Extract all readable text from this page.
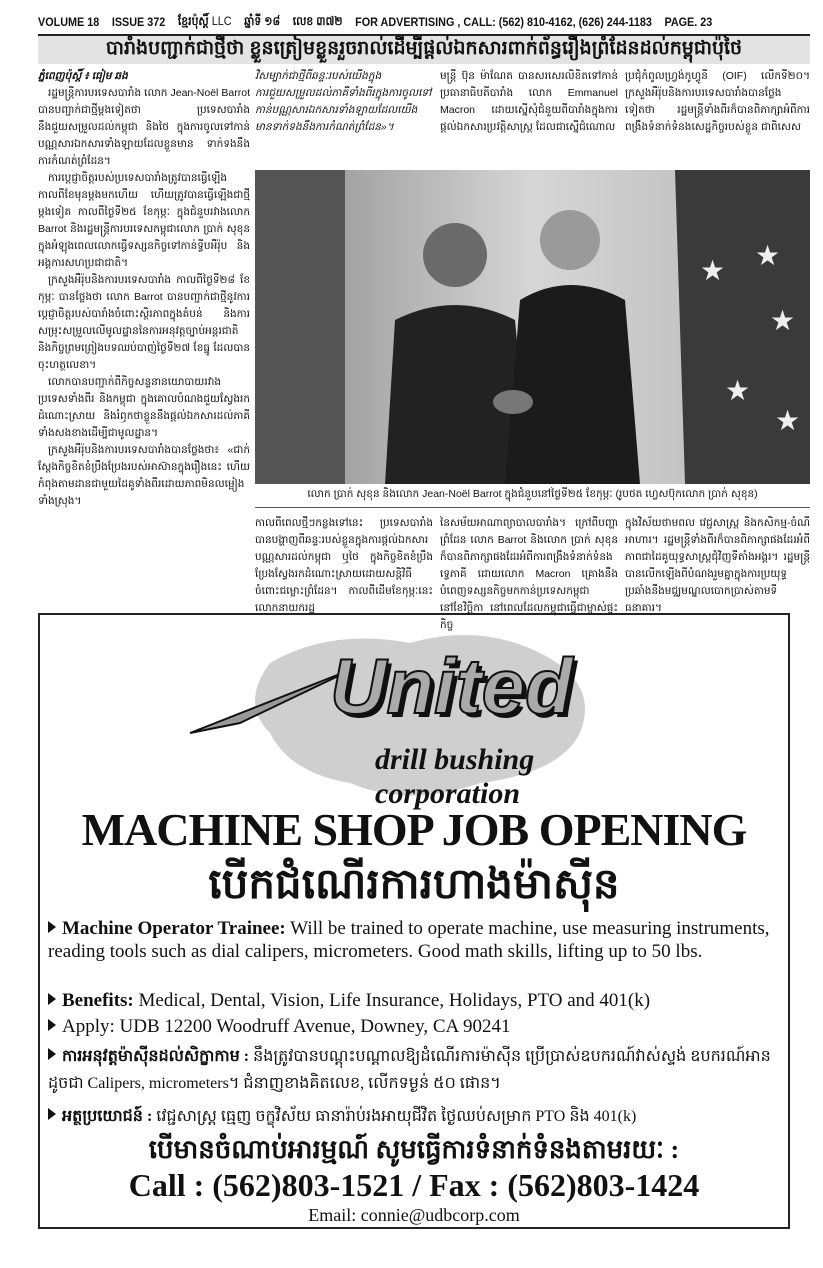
VOLUME 18 ISSUE 372 ខ្មែរប៉ុស្ដិ៍ LLC ឆ្នាំទី ១៨ លេខ ៣៧២ FOR ADVERTISING , CALL: (562) 810-4162, (626) 244-1183 PAGE. 23
បារាំងបញ្ជាក់ជាថ្មីថា ខ្លួនត្រៀមខ្លួនរួចរាល់ដើម្បីផ្ដល់ឯកសារពាក់ព័ន្ធរឿងព្រំដែនដល់កម្ពុជាប៉ុថៃ
ភ្នំពេញប៉ុស្ដិ៍ ៖ ធៀម ឆង

រដ្ឋមន្ត្រីការបរទេសបារាំង លោក Jean-Noël Barrot បានបញ្ជាក់ជាថ្មីម្តងទៀតថា ប្រទេសបារាំងនឹងជួយសម្រួលដល់កម្ពុជា និងថៃ ក្នុងការចូលទៅកាន់បណ្ណសារឯកសារទាំងឡាយដែលខ្លួនមាន ទាក់ទងនឹងការកំណត់ព្រំដែន។

ការប្ដេជ្ញាចិត្តរបស់ប្រទេសបារាំងត្រូវបានធ្វើឡើងកាលពីខែមុនម្តងមកហើយ ហើយត្រូវបានធ្វើឡើងជាថ្មីម្តងទៀត កាលពីថ្ងៃទី២៥ ខែកុម្ភៈ ក្នុងជំនួបរវាងលោក Barrot និងរដ្ឋមន្ត្រីការបរទេសកម្ពុជាលោក ប្រាក់ សុខុន ក្នុងអំឡុងពេលលោកធ្វើទស្សនកិច្ចទៅកាន់ទ្វីបអឺរ៉ុប និងអង្គការសហប្រជាជាតិ។

ក្រសួងអឺរ៉ុបនិងការបរទេសបារាំង កាលពីថ្ងៃទី២៨ ខែកុម្ភៈ បានថ្លែងថា លោក Barrot បានបញ្ជាក់ជាថ្មីនូវការប្ដេជ្ញាចិត្តរបស់បារាំងចំពោះស្ថិរភាពក្នុងតំបន់ និងការសម្រុះសម្រួលលើមូលដ្ឋាននៃការអនុវត្តច្បាប់អន្តរជាតិ និងកិច្ចព្រមព្រៀងបទឈប់បាញ់ថ្ងៃទី២៧ ខែធ្នូ ដែលបានចុះហត្ថលេខា។

លោកបានបញ្ជាក់ពីកិច្ចសន្ទនានយោបាយរវាងប្រទេសទាំងពីរ និងកម្ពុជា ក្នុងគោលបំណងជួយស្វែងរកដំណោះស្រាយ និងរំឭកថាខ្លួននឹងផ្តល់ឯកសារដល់ភាគីទាំងសងខាងដើម្បីជាមូលដ្ឋាន។

ក្រសួងអឺរ៉ុបនិងការបរទេសបារាំងបានថ្លែងថា៖ «ជាក់ស្ដែងកិច្ចខិតខំប្រឹងប្រែងរបស់អាស៊ានក្នុងរឿងនេះ ហើយកំពុងតាមដានជាមួយដៃគូទាំងពីរដោយភាពមិនលម្អៀងទាំងស្រុង។

វិសម្បាក់ជាថ្មីពីឆន្ទៈរបស់យើងក្នុងការជួយសម្រួលដល់ភាគីទាំងពីរក្នុងការចូលទៅកាន់បណ្ណសារឯកសារទាំងឡាយដែលយើងមានទាក់ទងនឹងការកំណត់ព្រំដែន»។
មន្ត្រី ប៊ុន ម៉ាណែត បានសរសេរលិខិតទៅកាន់ប្រធានាធិបតីបារាំង លោក Emmanuel Macron ដោយស្នើសុំជំនួយពីបារាំងក្នុងការផ្ដល់ឯកសារប្រវត្តិសាស្ត្រ ដែលជាស្នើជំណោល
ប្រជុំកំពូលហ្វ្រង់កូហ្វូនី (OIF) លើកទី២០។ ក្រសួងអឺរ៉ុបនិងការបរទេសបារាំងបានថ្លែងទៀតថា រដ្ឋមន្ត្រីទាំងពីរក៏បានពិភាក្សាអំពីការពង្រឹងទំនាក់ទំនងសេដ្ឋកិច្ចរបស់ខ្លួន ជាពិសេស
★ ★
★
★
★
លោក ប្រាក់ សុខុន និងលោក Jean-Noël Barrot ក្នុងជំនួបនៅថ្ងៃទី២៥ ខែកុម្ភៈ (រូបថត ហ្វេសប៊ុកលោក ប្រាក់ សុខុន)
កាលពីពេលថ្មីៗកន្លងទៅនេះ ប្រទេសបារាំងបានបង្ហាញពីឆន្ទៈរបស់ខ្លួនក្នុងការផ្តល់ឯកសារបណ្ណសារដល់កម្ពុជា ឬថៃ ក្នុងកិច្ចខិតខំប្រឹងប្រែងស្វែងរកដំណោះស្រាយដោយសន្តិវិធីចំពោះជម្លោះព្រំដែន។ កាលពីដើមខែកុម្ភៈនេះ លោកនាយករដ្ឋ
នៃសម័យអាណាព្យាបាលបារាំង។ ក្រៅពីបញ្ហាព្រំដែន លោក Barrot និងលោក ប្រាក់ សុខុន ក៏បានពិភាក្សាផងដែរអំពីការពង្រឹងទំនាក់ទំនងទ្វេភាគី ដោយលោក Macron គ្រោងនឹងបំពេញទស្សនកិច្ចមកកាន់ប្រទេសកម្ពុជានៅខែវិច្ឆិកា នៅពេលដែលកម្ពុជាធ្វើជាម្ចាស់ផ្ទះកិច្ច
ក្នុងវិស័យថាមពល វេជ្ជសាស្ត្រ និងកសិកម្ម-ចំណីអាហារ។ រដ្ឋមន្ត្រីទាំងពីរក៏បានពិភាក្សាផងដែរអំពីភាពជាដៃគូយុទ្ធសាស្ត្រជុំវិញទីតាំងអង្គរ។ រដ្ឋមន្ត្រីបានលើកឡើងពីបំណងរួមគ្នាក្នុងការប្រយុទ្ធប្រឆាំងនឹងមជ្ឈមណ្ឌលបោកប្រាស់តាមទីធនាគារ។
United
drill bushing corporation
MACHINE SHOP JOB OPENING
បើកជំណើរការហាងម៉ាស៊ីន
Machine Operator Trainee: Will be trained to operate machine, use measuring instruments, reading tools such as dial calipers, micrometers. Good math skills, lifting up to 50 lbs.
Benefits: Medical, Dental, Vision, Life Insurance, Holidays, PTO and 401(k)
Apply: UDB 12200 Woodruff Avenue, Downey, CA 90241
ការអនុវត្តម៉ាស៊ីនដល់សិក្ខាកាម : នឹងត្រូវបានបណ្ដុះបណ្ដាលឱ្យដំណើរការម៉ាស៊ីន ប្រើប្រាស់ឧបករណ៍វាស់ស្ទង់ ឧបករណ៍អាន ដូចជា Calipers, micrometers។ ជំនាញខាងគិតលេខ, លើកទម្ងន់ ៥០ ផោន។
អត្ថប្រយោជន៍ : វេជ្ជសាស្ត្រ ធ្មេញ ចក្ខុវិស័យ ធានារ៉ាប់រងអាយុជីវិត ថ្ងៃឈប់សម្រាក PTO និង 401(k)
បើមានចំណាប់អារម្មណ៍ សូមធ្វើការទំនាក់ទំនងតាមរយៈ :
Call : (562)803-1521 / Fax : (562)803-1424
Email: connie@udbcorp.com
